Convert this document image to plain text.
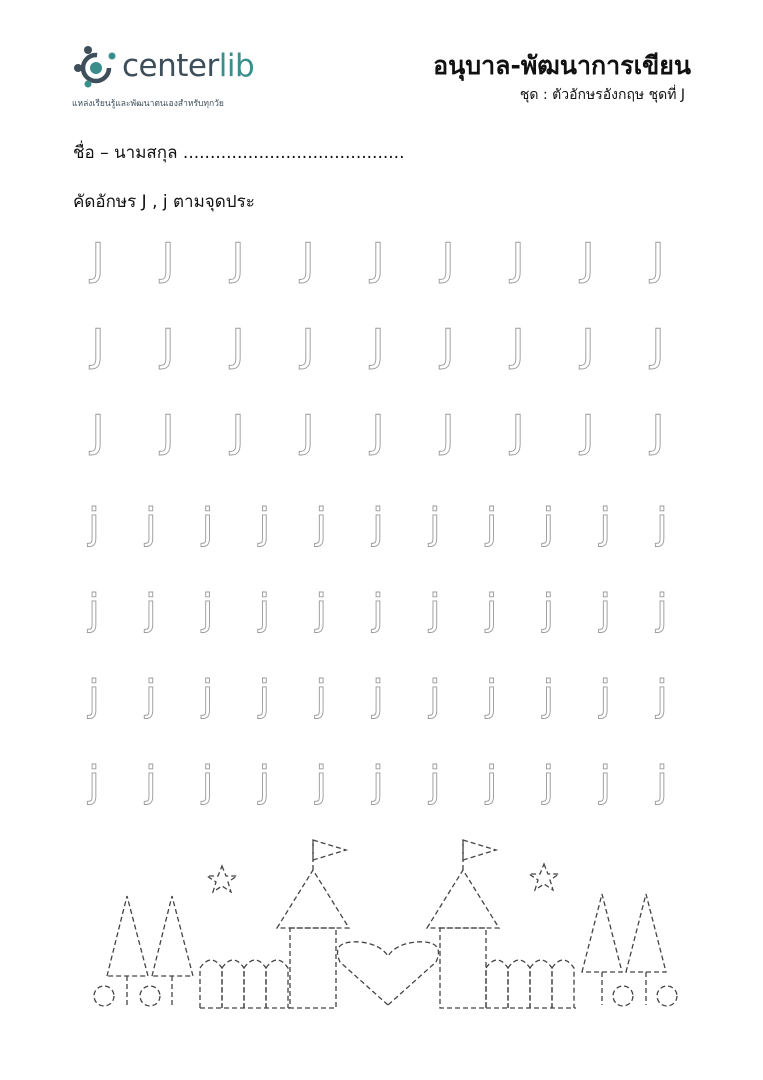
centerlib
แหล่งเรียนรู้และพัฒนาตนเองสำหรับทุกวัย
อนุบาล-พัฒนาการเขียน
ชุด : ตัวอักษรอังกฤษ ชุดที่ J
ชื่อ – นามสกุล .........................................
คัดอักษร J , j ตามจุดประ
J	J	J	J	J	J	J	J	J
J	J	J	J	J	J	J	J	J
J	J	J	J	J	J	J	J	J
j	j	j	j	j	j	j	j	j	j	j
j	j	j	j	j	j	j	j	j	j	j
j	j	j	j	j	j	j	j	j	j	j
j	j	j	j	j	j	j	j	j	j	j
